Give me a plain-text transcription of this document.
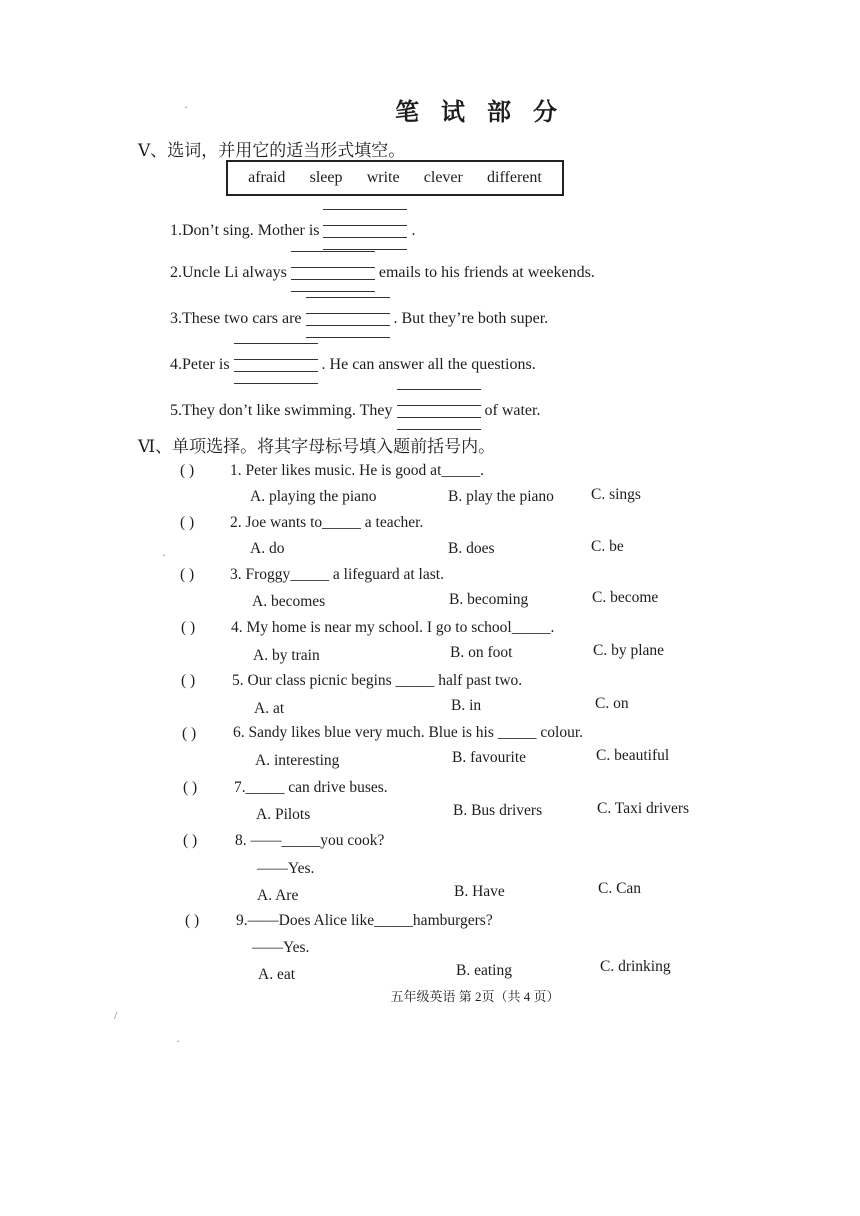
笔 试 部 分
Ⅴ、选词，并用它的适当形式填空。
afraid sleep write clever different
1.Don’t sing. Mother is	.
2.Uncle Li always	emails to his friends at weekends.
3.These two cars are	. But they’re both super.
4.Peter is	. He can answer all the questions.
5.They don’t like swimming. They	of water.
Ⅵ、单项选择。将其字母标号填入题前括号内。
( ) 1. Peter likes music. He is good at_____.
A. playing the piano	B. play the piano C. sings
( ) 2. Joe wants to_____ a teacher.
A. do	B. does	C. be
( ) 3. Froggy_____ a lifeguard at last.
A. becomes	B. becoming	C. become
( ) 4. My home is near my school. I go to school_____.
A. by train	B. on foot	C. by plane
( ) 5. Our class picnic begins _____ half past two.
A. at	B. in	C. on
( ) 6. Sandy likes blue very much. Blue is his _____ colour.
A. interesting	B. favourite	C. beautiful
( ) 7._____ can drive buses.
A. Pilots	B. Bus drivers	C. Taxi drivers
( ) 8. ——_____you cook?
——Yes.
A. Are	B. Have	C. Can
( ) 9.——Does Alice like_____hamburgers?
——Yes.
A. eat	B. eating	C. drinking
五年级英语 第 2页（共 4 页）
·
·
/
·
